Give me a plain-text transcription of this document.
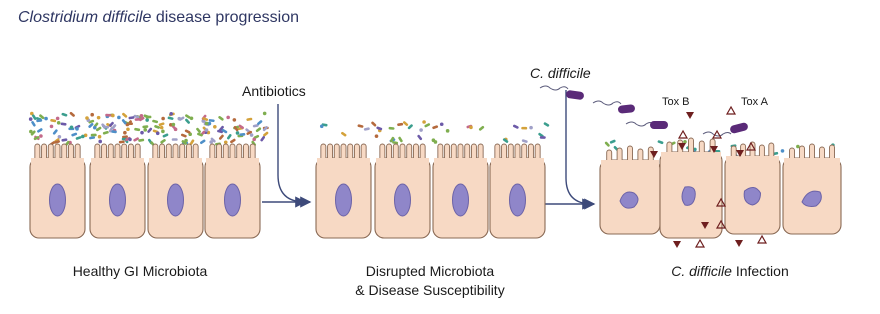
Clostridium difficile disease progression
Antibiotics
C. difficile
Tox B	Tox A
Healthy GI Microbiota	Disrupted Microbiota
& Disease Susceptibility
C. difficile Infection
